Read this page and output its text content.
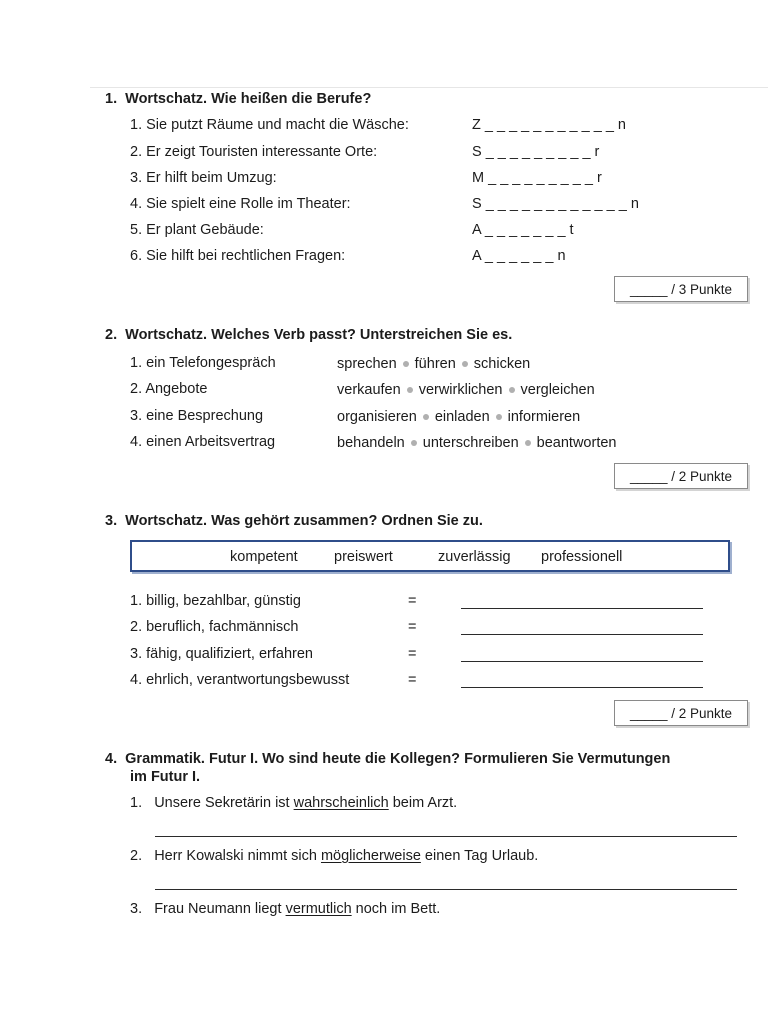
1. Wortschatz. Wie heißen die Berufe?
1. Sie putzt Räume und macht die Wäsche:	Z _ _ _ _ _ _ _ _ _ _ _ n
2. Er zeigt Touristen interessante Orte:	S _ _ _ _ _ _ _ _ _ r
3. Er hilft beim Umzug:	M _ _ _ _ _ _ _ _ _ r
4. Sie spielt eine Rolle im Theater:	S _ _ _ _ _ _ _ _ _ _ _ _ n
5. Er plant Gebäude:	A _ _ _ _ _ _ _ t
6. Sie hilft bei rechtlichen Fragen:	A _ _ _ _ _ _ n
_____ / 3 Punkte
2. Wortschatz. Welches Verb passt? Unterstreichen Sie es.
1. ein Telefongespräch	sprechen führen schicken
2. Angebote	verkaufen verwirklichen vergleichen
3. eine Besprechung	organisieren einladen informieren
4. einen Arbeitsvertrag	behandeln unterschreiben beantworten
_____ / 2 Punkte
3. Wortschatz. Was gehört zusammen? Ordnen Sie zu.
kompetent	preiswert	zuverlässig professionell
1. billig, bezahlbar, günstig	=
2. beruflich, fachmännisch	=
3. fähig, qualifiziert, erfahren	=
4. ehrlich, verantwortungsbewusst	=
_____ / 2 Punkte
4. Grammatik. Futur I. Wo sind heute die Kollegen? Formulieren Sie Vermutungen
im Futur I.
1. Unsere Sekretärin ist wahrscheinlich beim Arzt.
2. Herr Kowalski nimmt sich möglicherweise einen Tag Urlaub.
3. Frau Neumann liegt vermutlich noch im Bett.
